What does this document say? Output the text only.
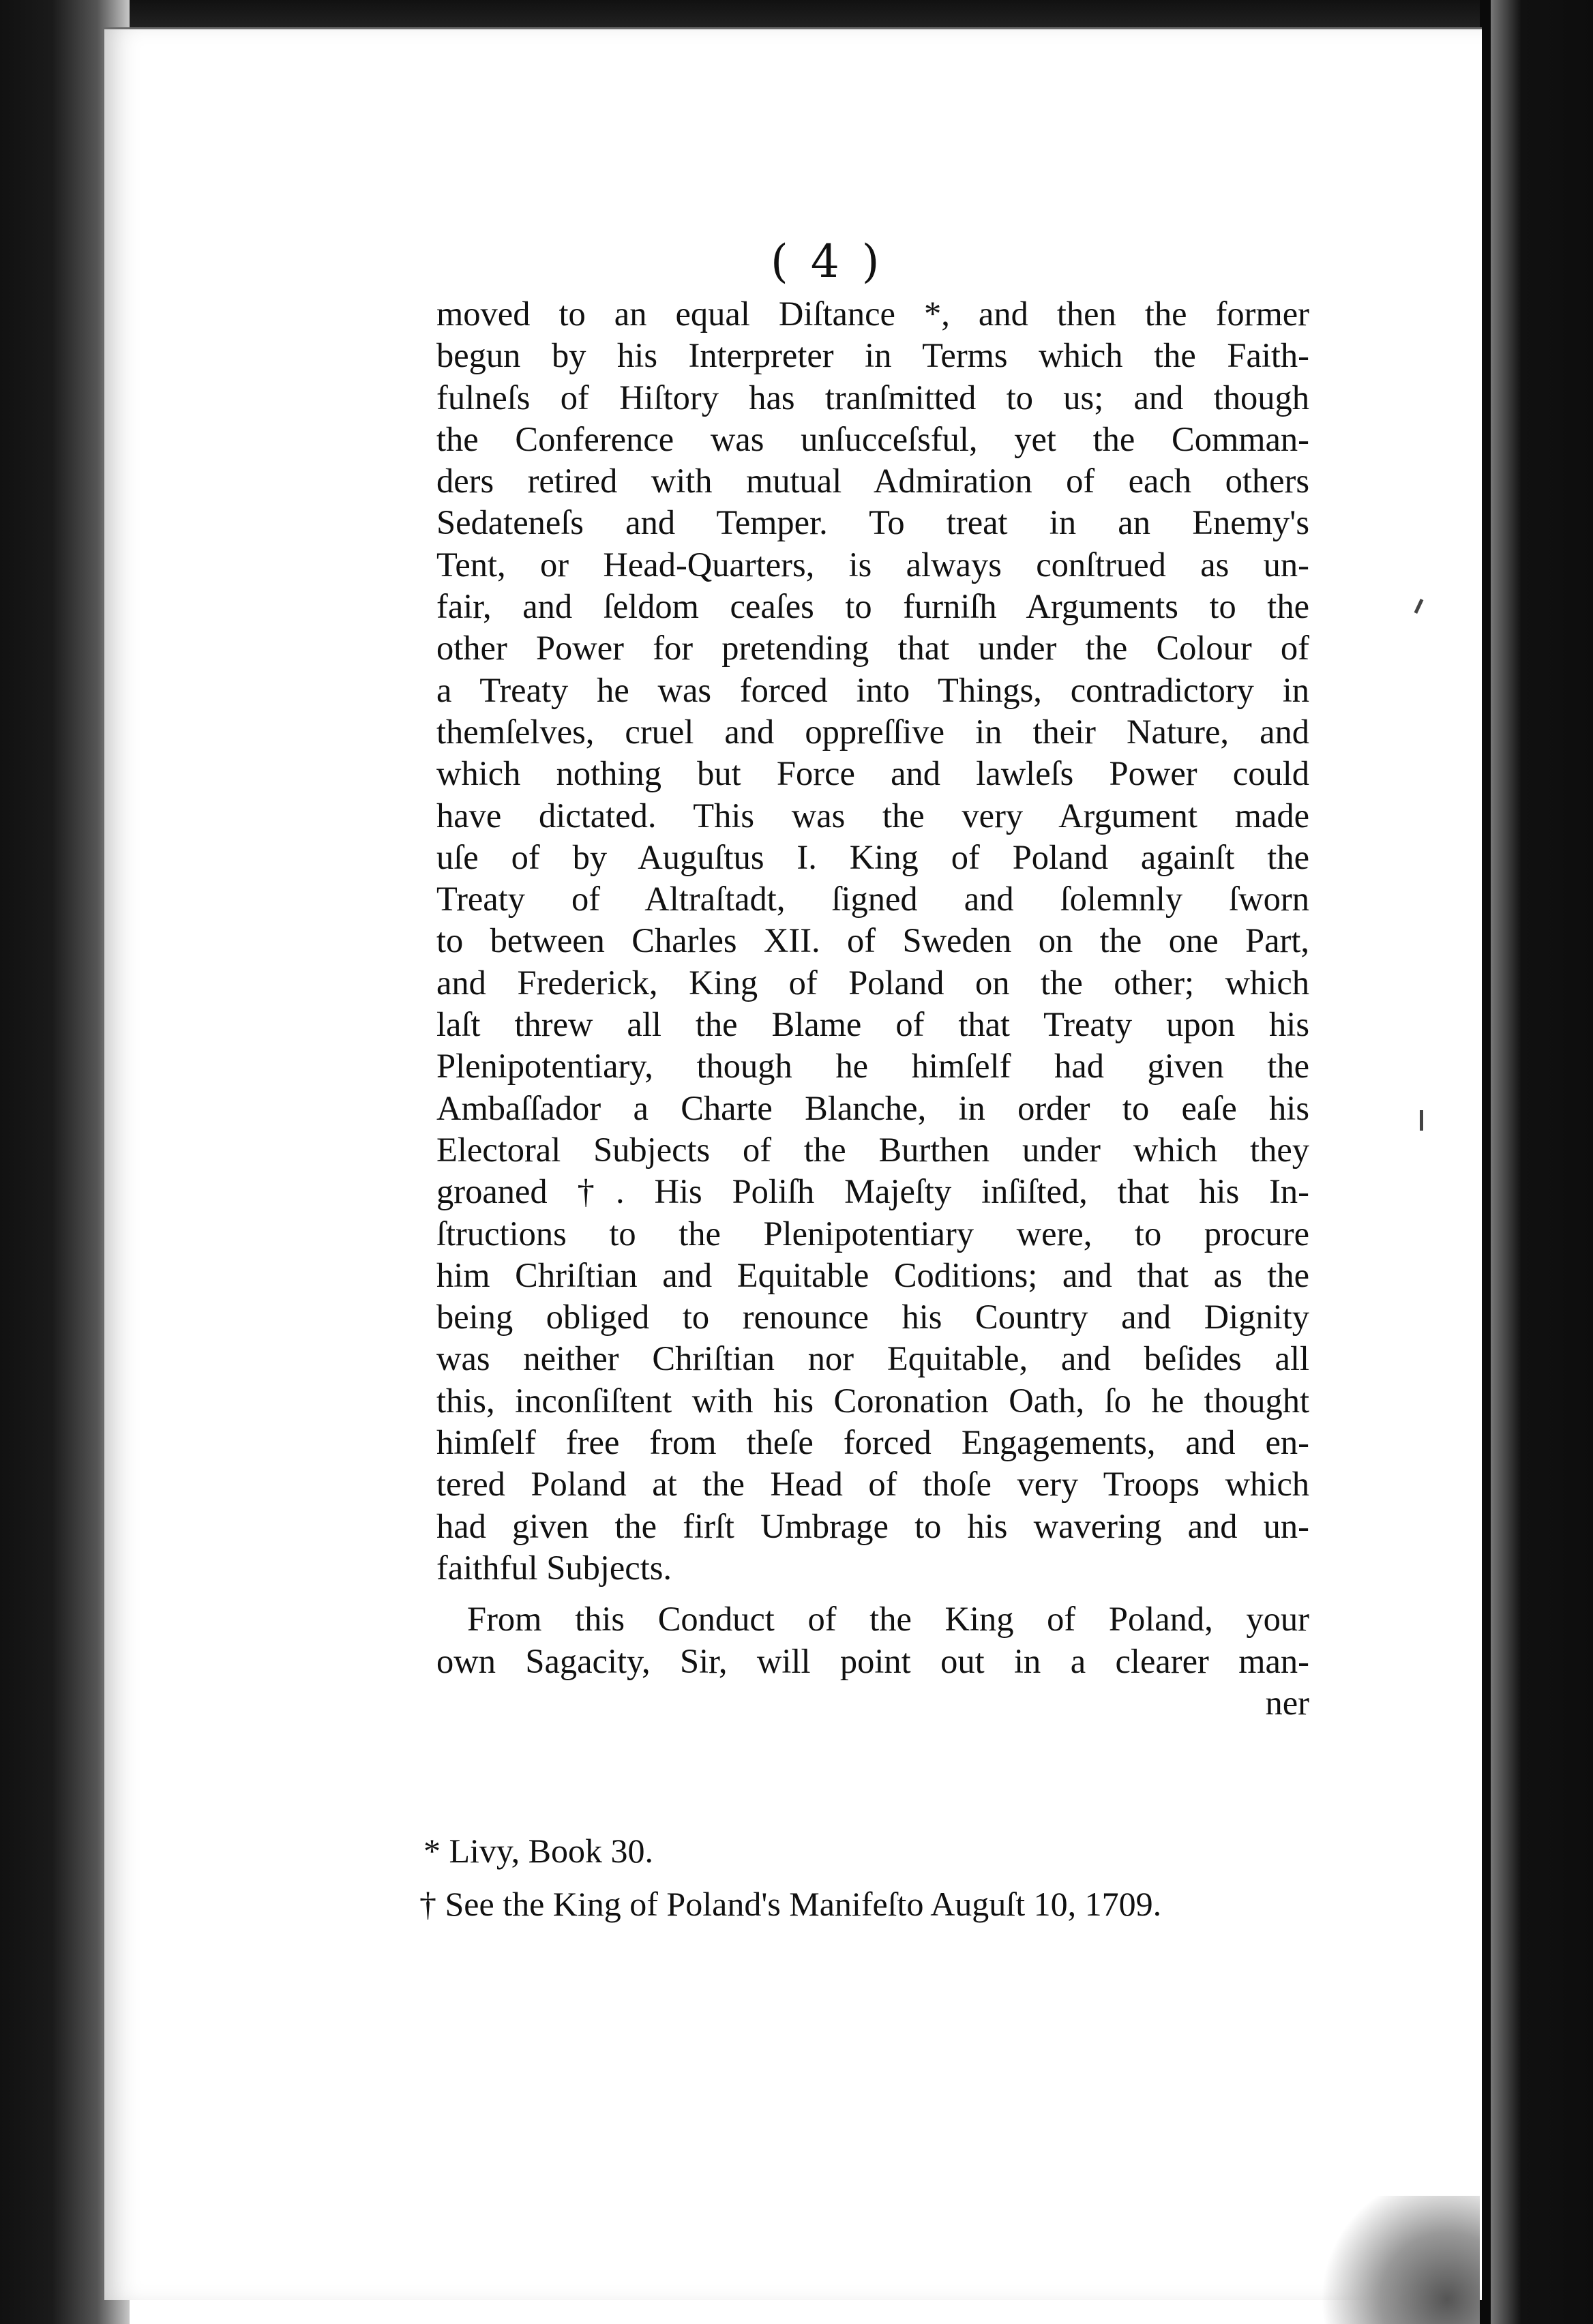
( 4 )
moved to an equal Diſtance *, and then the former
begun by his Interpreter in Terms which the Faith-
fulneſs of Hiſtory has tranſmitted to us; and though
the Conference was unſucceſsful, yet the Comman-
ders retired with mutual Admiration of each others
Sedateneſs and Temper. To treat in an Enemy's
Tent, or Head-Quarters, is always conſtrued as un-
fair, and ſeldom ceaſes to furniſh Arguments to the
other Power for pretending that under the Colour of
a Treaty he was forced into Things, contradictory in
themſelves, cruel and oppreſſive in their Nature, and
which nothing but Force and lawleſs Power could
have dictated. This was the very Argument made
uſe of by Auguſtus I. King of Poland againſt the
Treaty of Altraſtadt, ſigned and ſolemnly ſworn
to between Charles XII. of Sweden on the one Part,
and Frederick, King of Poland on the other; which
laſt threw all the Blame of that Treaty upon his
Plenipotentiary, though he himſelf had given the
Ambaſſador a Charte Blanche, in order to eaſe his
Electoral Subjects of the Burthen under which they
groaned †. His Poliſh Majeſty inſiſted, that his In-
ſtructions to the Plenipotentiary were, to procure
him Chriſtian and Equitable Coditions; and that as the
being obliged to renounce his Country and Dignity
was neither Chriſtian nor Equitable, and beſides all
this, inconſiſtent with his Coronation Oath, ſo he thought
himſelf free from theſe forced Engagements, and en-
tered Poland at the Head of thoſe very Troops which
had given the firſt Umbrage to his wavering and un-
faithful Subjects.
From this Conduct of the King of Poland, your
own Sagacity, Sir, will point out in a clearer man-
ner
* Livy, Book 30.
† See the King of Poland's Manifeſto Auguſt 10, 1709.
